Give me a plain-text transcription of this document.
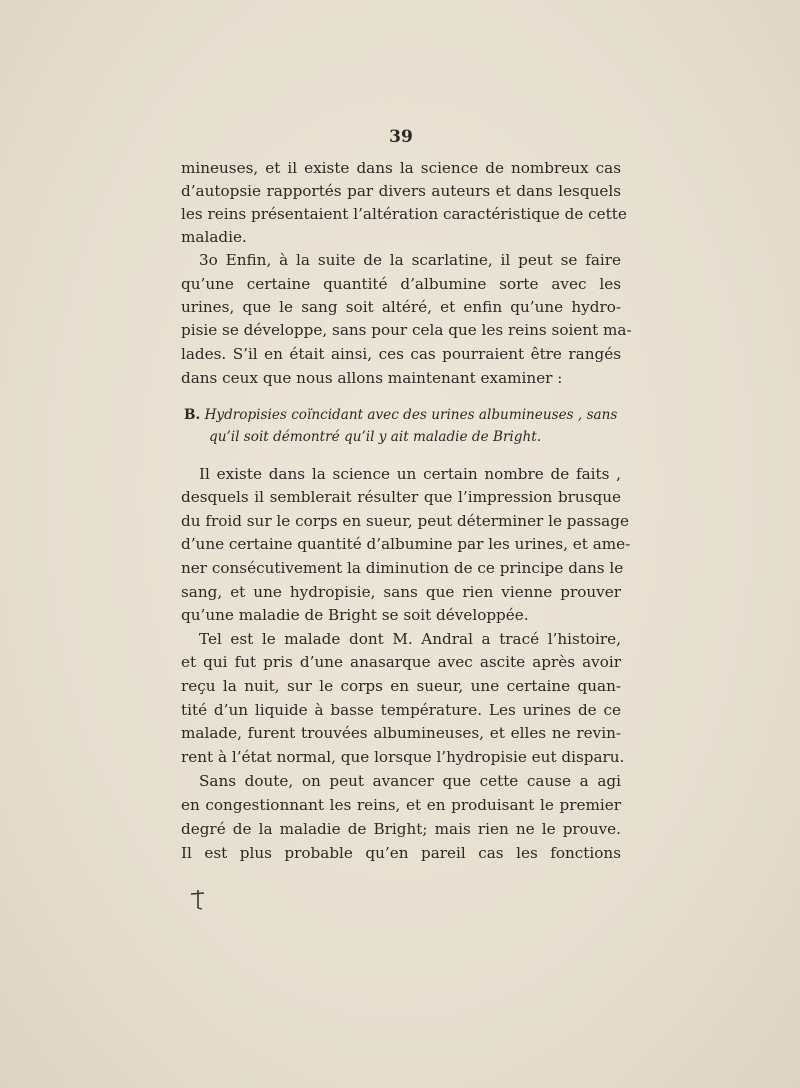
39
mineuses, et il existe dans la science de nombreux cas
d’autopsie rapportés par divers auteurs et dans lesquels
les reins présentaient l’altération caractéristique de cette
maladie.
3o Enfin, à la suite de la scarlatine, il peut se faire
qu’une certaine quantité d’albumine sorte avec les
urines, que le sang soit altéré, et enfin qu’une hydro-
pisie se développe, sans pour cela que les reins soient ma-
lades. S’il en était ainsi, ces cas pourraient être rangés
dans ceux que nous allons maintenant examiner :
B. Hydropisies coïncidant avec des urines albumineuses , sans
qu’il soit démontré qu’il y ait maladie de Bright.
Il existe dans la science un certain nombre de faits ,
desquels il semblerait résulter que l’impression brusque
du froid sur le corps en sueur, peut déterminer le passage
d’une certaine quantité d’albumine par les urines, et ame-
ner consécutivement la diminution de ce principe dans le
sang, et une hydropisie, sans que rien vienne prouver
qu’une maladie de Bright se soit développée.
Tel est le malade dont M. Andral a tracé l’histoire,
et qui fut pris d’une anasarque avec ascite après avoir
reçu la nuit, sur le corps en sueur, une certaine quan-
tité d’un liquide à basse température. Les urines de ce
malade, furent trouvées albumineuses, et elles ne revin-
rent à l’état normal, que lorsque l’hydropisie eut disparu.
Sans doute, on peut avancer que cette cause a agi
en congestionnant les reins, et en produisant le premier
degré de la maladie de Bright; mais rien ne le prouve.
Il est plus probable qu’en pareil cas les fonctions
